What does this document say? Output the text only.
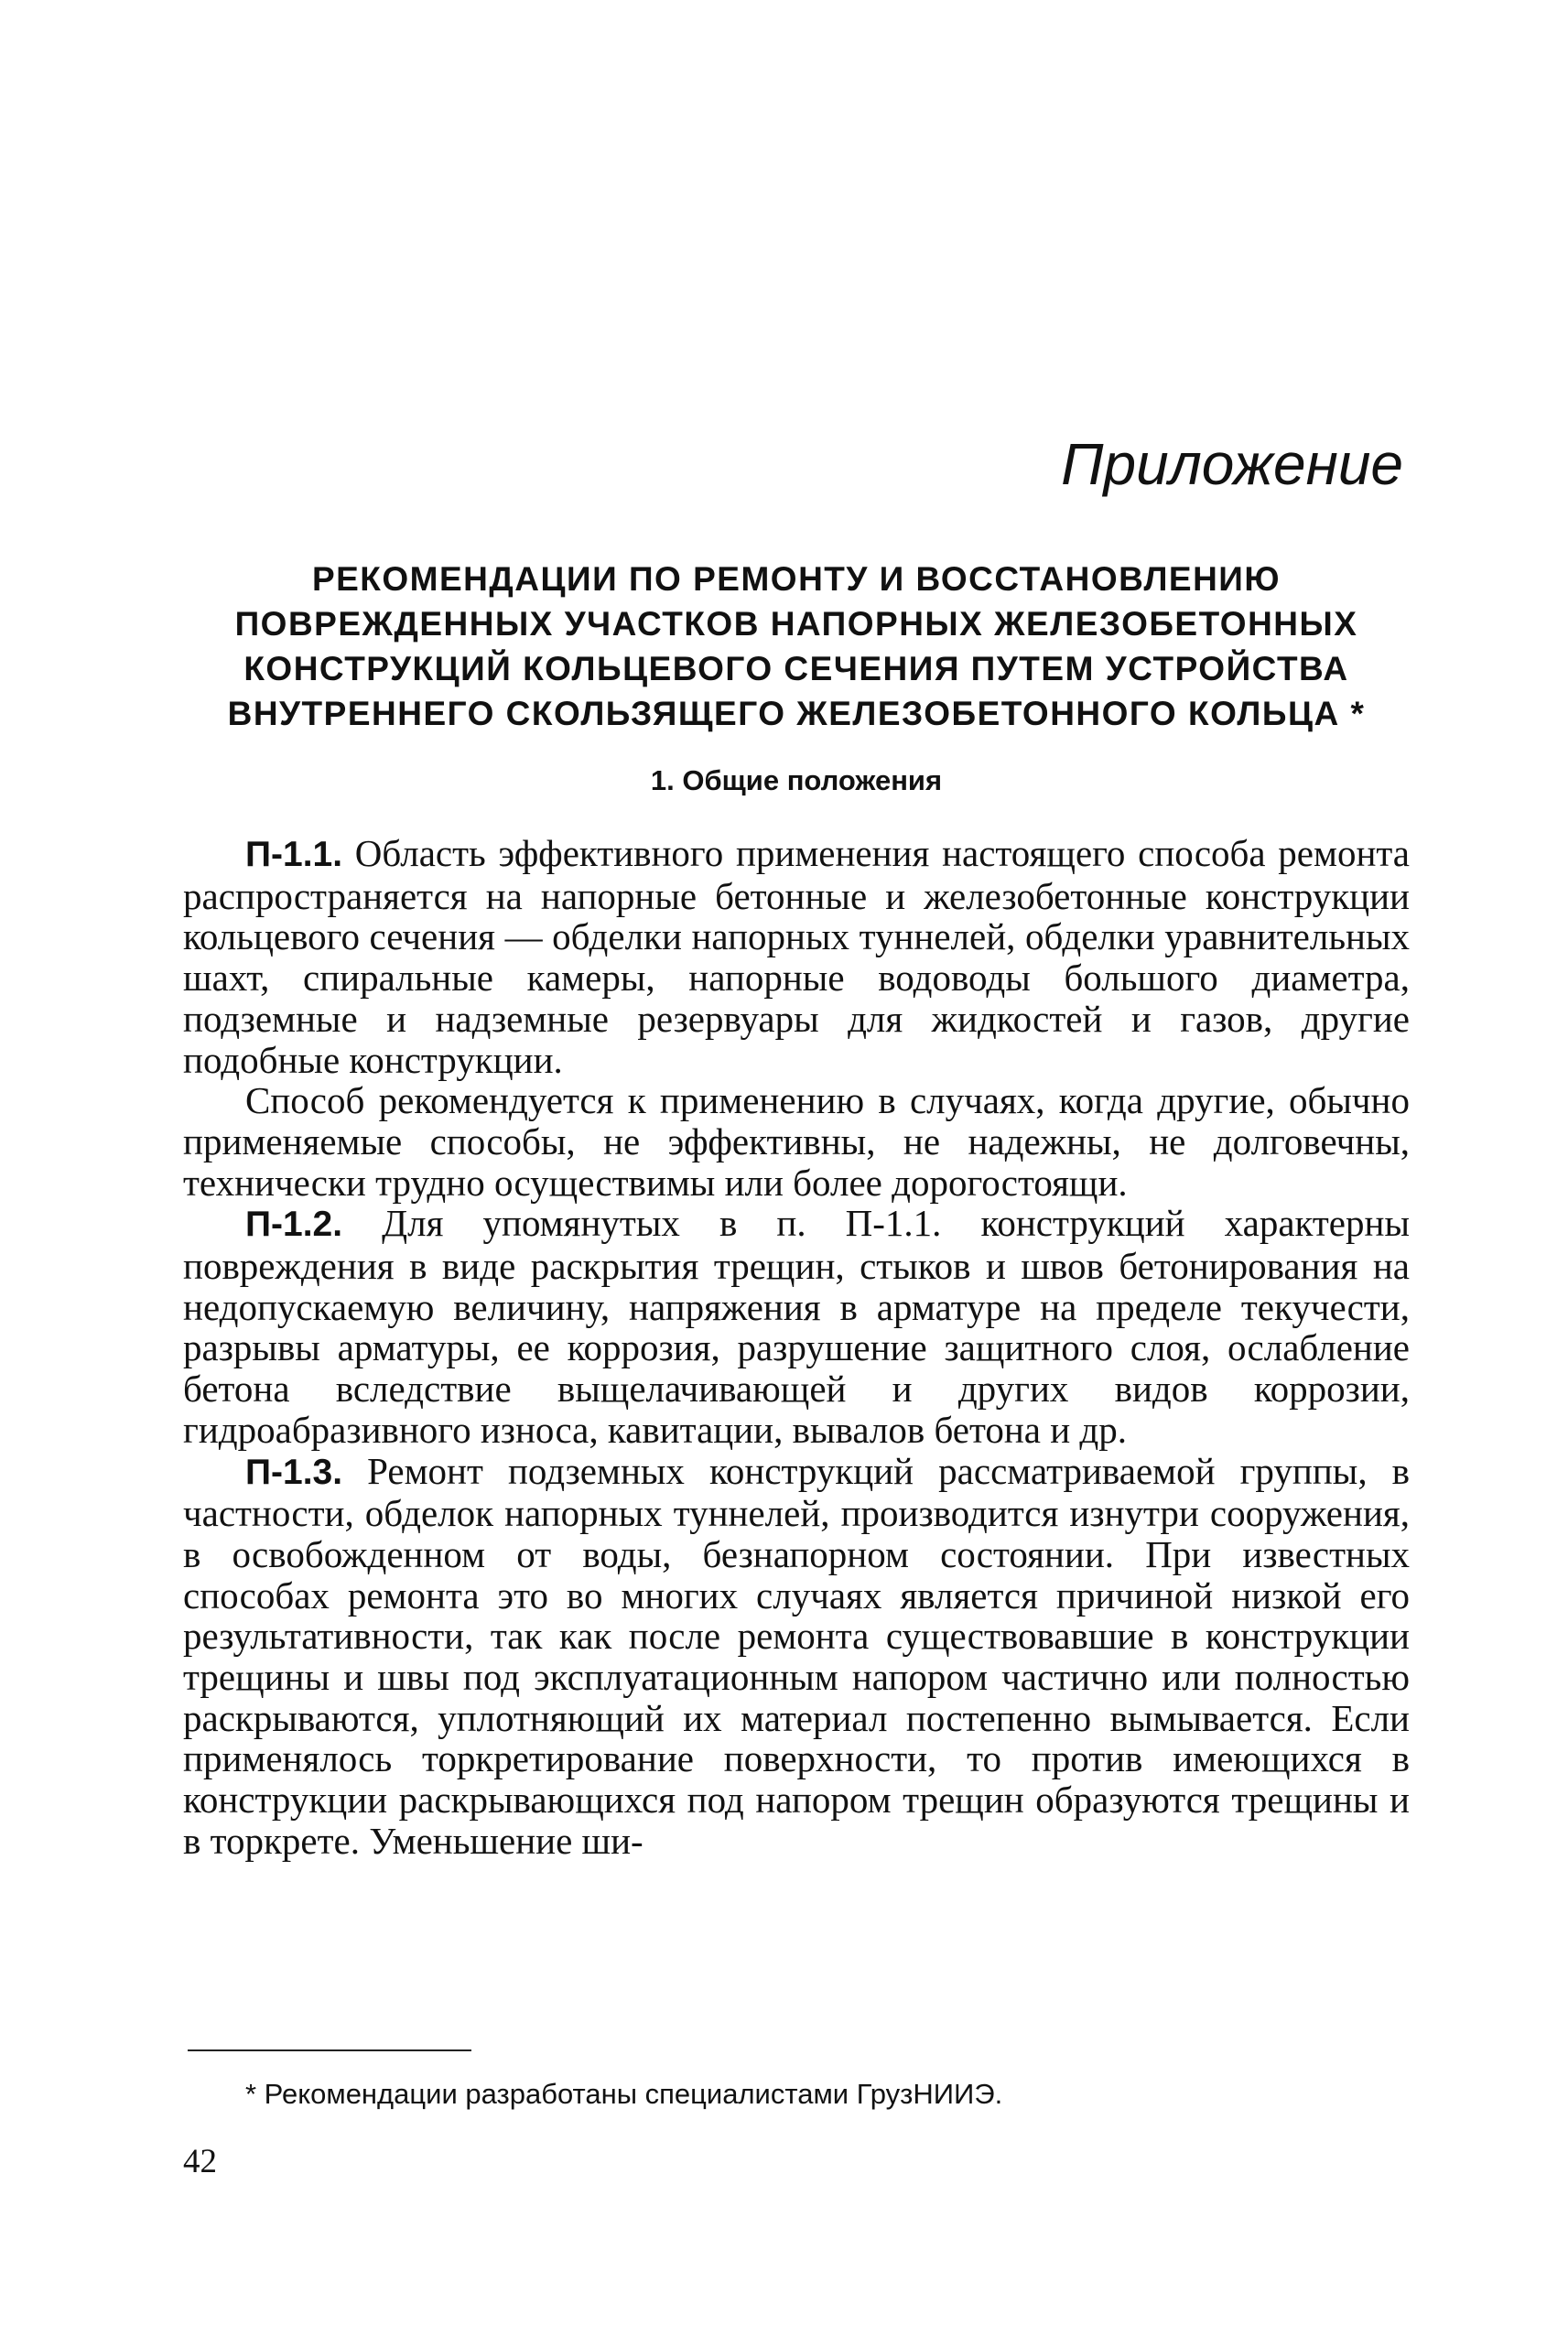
Приложение

РЕКОМЕНДАЦИИ ПО РЕМОНТУ И ВОССТАНОВЛЕНИЮ
ПОВРЕЖДЕННЫХ УЧАСТКОВ НАПОРНЫХ ЖЕЛЕЗОБЕТОННЫХ
КОНСТРУКЦИЙ КОЛЬЦЕВОГО СЕЧЕНИЯ ПУТЕМ УСТРОЙСТВА
ВНУТРЕННЕГО СКОЛЬЗЯЩЕГО ЖЕЛЕЗОБЕТОННОГО КОЛЬЦА *
1. Общие положения

П-1.1. Область эффективного применения настоящего способа ремонта распространяется на напорные бетонные и железобетонные конструкции кольцевого сечения — обделки напорных туннелей, обделки уравнительных шахт, спиральные камеры, напорные водоводы большого диаметра, подземные и надземные резервуары для жидкостей и газов, другие подобные конструкции.

Способ рекомендуется к применению в случаях, когда другие, обычно применяемые способы, не эффективны, не надежны, не долговечны, технически трудно осуществимы или более дорогостоящи.

П-1.2. Для упомянутых в п. П-1.1. конструкций характерны повреждения в виде раскрытия трещин, стыков и швов бетонирования на недопускаемую величину, напряжения в арматуре на пределе текучести, разрывы арматуры, ее коррозия, разрушение защитного слоя, ослабление бетона вследствие выщелачивающей и других видов коррозии, гидроабразивного износа, кавитации, вывалов бетона и др.

П-1.3. Ремонт подземных конструкций рассматриваемой группы, в частности, обделок напорных туннелей, производится изнутри сооружения, в освобожденном от воды, безнапорном состоянии. При известных способах ремонта это во многих случаях является причиной низкой его результативности, так как после ремонта существовавшие в конструкции трещины и швы под эксплуатационным напором частично или полностью раскрываются, уплотняющий их материал постепенно вымывается. Если применялось торкретирование поверхности, то против имеющихся в конструкции раскрывающихся под напором трещин образуются трещины и в торкрете. Уменьшение ши-

* Рекомендации разработаны специалистами ГрузНИИЭ.

42
